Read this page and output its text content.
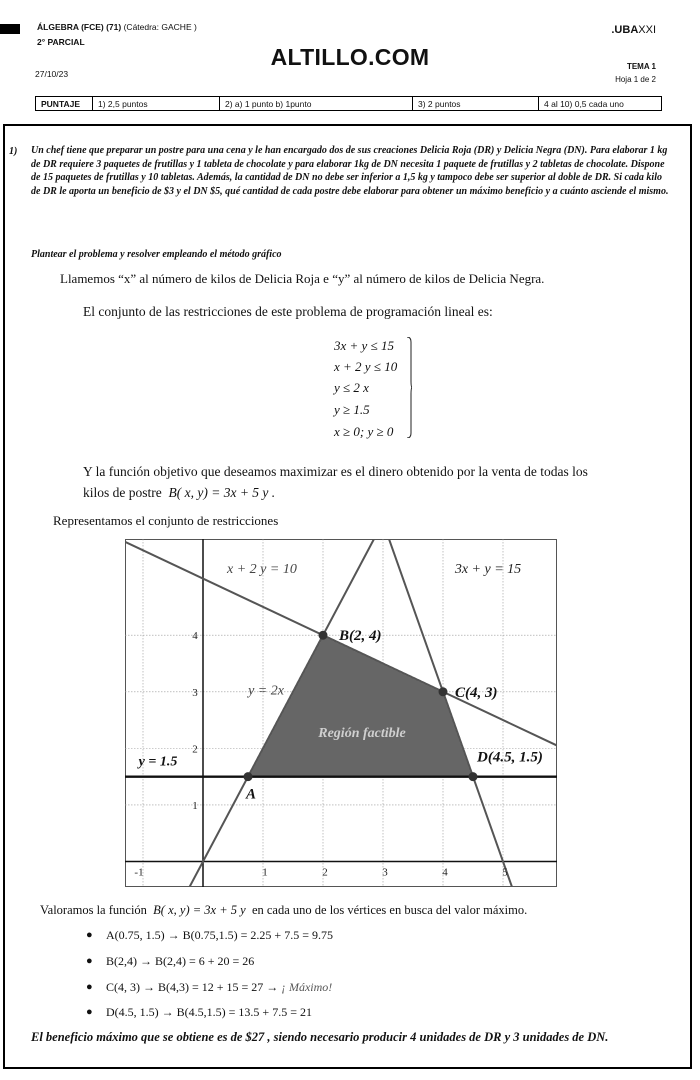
ÁLGEBRA (FCE) (71) (Cátedra: GACHE )
2° PARCIAL
27/10/23
ALTILLO.COM
.UBAXXI
TEMA 1
Hoja 1 de 2
PUNTAJE	1) 2,5 puntos	2) a) 1 punto b) 1punto	3) 2 puntos	4 al 10) 0,5 cada uno
1) Un chef tiene que preparar un postre para una cena y le han encargado dos de sus creaciones Delicia Roja (DR) y Delicia Negra (DN). Para elaborar 1 kg de DR requiere 3 paquetes de frutillas y 1 tableta de chocolate y para elaborar 1kg de DN necesita 1 paquete de frutillas y 2 tabletas de chocolate. Dispone de 15 paquetes de frutillas y 10 tabletas. Además, la cantidad de DN no debe ser inferior a 1,5 kg y tampoco debe ser superior al doble de DR. Si cada kilo de DR le aporta un beneficio de $3 y el DN $5, qué cantidad de cada postre debe elaborar para obtener un máximo beneficio y a cuánto asciende el mismo.
Plantear el problema y resolver empleando el método gráfico
Llamemos “x” al número de kilos de Delicia Roja e “y” al número de kilos de Delicia Negra.
El conjunto de las restricciones de este problema de programación lineal es:
3x + y ≤ 15
x + 2 y ≤ 10
y ≤ 2 x
y ≥ 1.5
x ≥ 0; y ≥ 0
Y la función objetivo que deseamos maximizar es el dinero obtenido por la venta de todas los
kilos de postre B( x, y) = 3x + 5 y .
Representamos el conjunto de restricciones
-1	1	2	3	4	5
1
2
3
4
x + 2 y = 10	3x + y = 15
y = 2x
y = 1.5
Región factible
A
B(2, 4)
C(4, 3)
D(4.5, 1.5)
Valoramos la función B( x, y) = 3x + 5 y en cada uno de los vértices en busca del valor máximo.
● A(0.75, 1.5) → B(0.75,1.5) = 2.25 + 7.5 = 9.75
● B(2,4) → B(2,4) = 6 + 20 = 26
● C(4, 3) → B(4,3) = 12 + 15 = 27 → ¡ Máximo!
● D(4.5, 1.5) → B(4.5,1.5) = 13.5 + 7.5 = 21
El beneficio máximo que se obtiene es de $27 , siendo necesario producir 4 unidades de DR y 3 unidades de DN.
